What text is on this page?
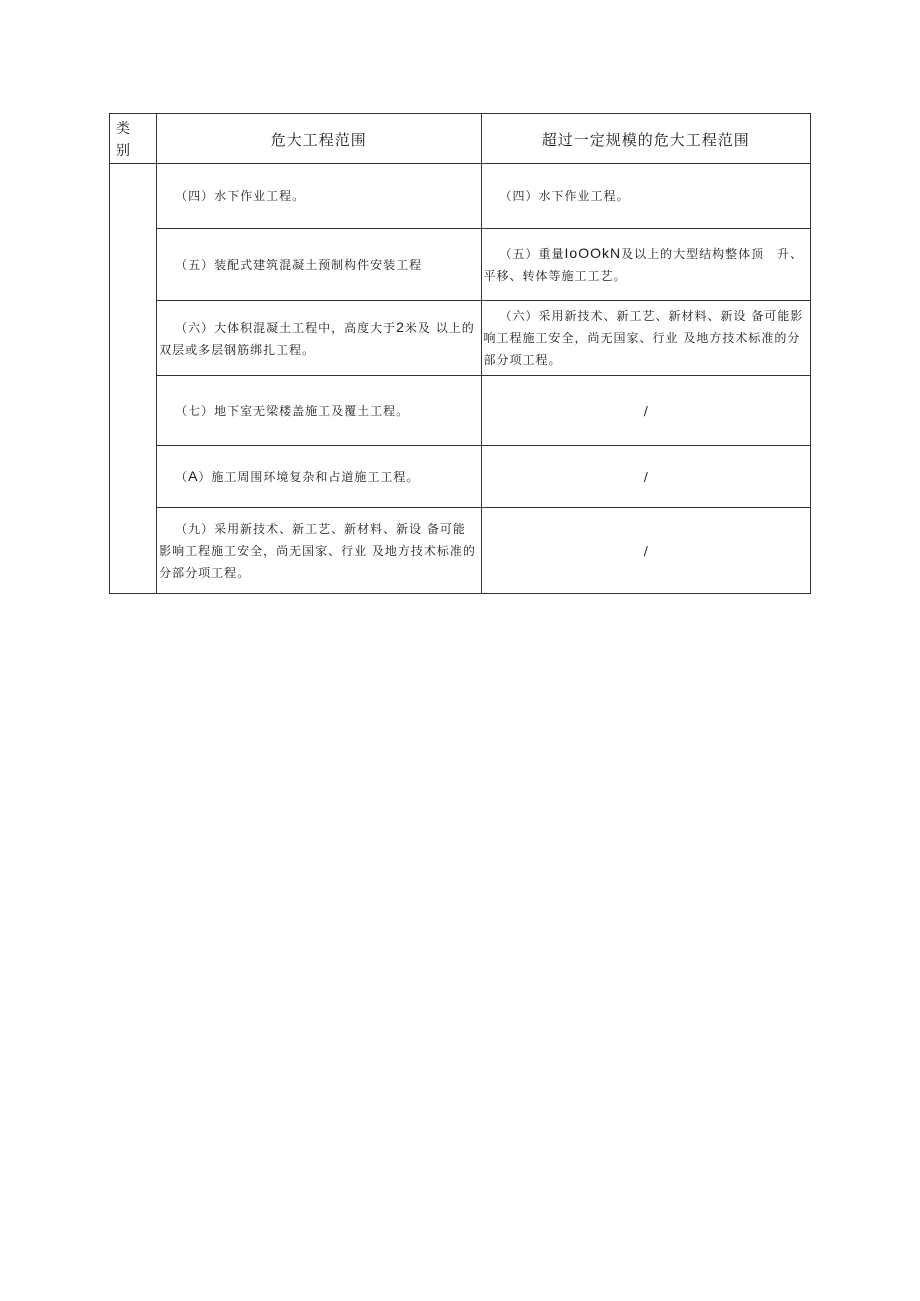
类 别	危大工程范围	超过一定规模的危大工程范围
	（四）水下作业工程。	（四）水下作业工程。
	（五）装配式建筑混凝土预制构件安装工程	（五）重量IoOOkN及以上的大型结构整体顶　升、平移、转体等施工工艺。
	（六）大体积混凝土工程中，高度大于2米及 以上的双层或多层钢筋绑扎工程。	（六）采用新技术、新工艺、新材料、新设 备可能影响工程施工安全，尚无国家、行业 及地方技术标准的分部分项工程。
	（七）地下室无梁楼盖施工及覆土工程。	/
	（A）施工周围环境复杂和占道施工工程。	/
	（九）采用新技术、新工艺、新材料、新设 备可能影响工程施工安全，尚无国家、行业 及地方技术标准的分部分项工程。	/
